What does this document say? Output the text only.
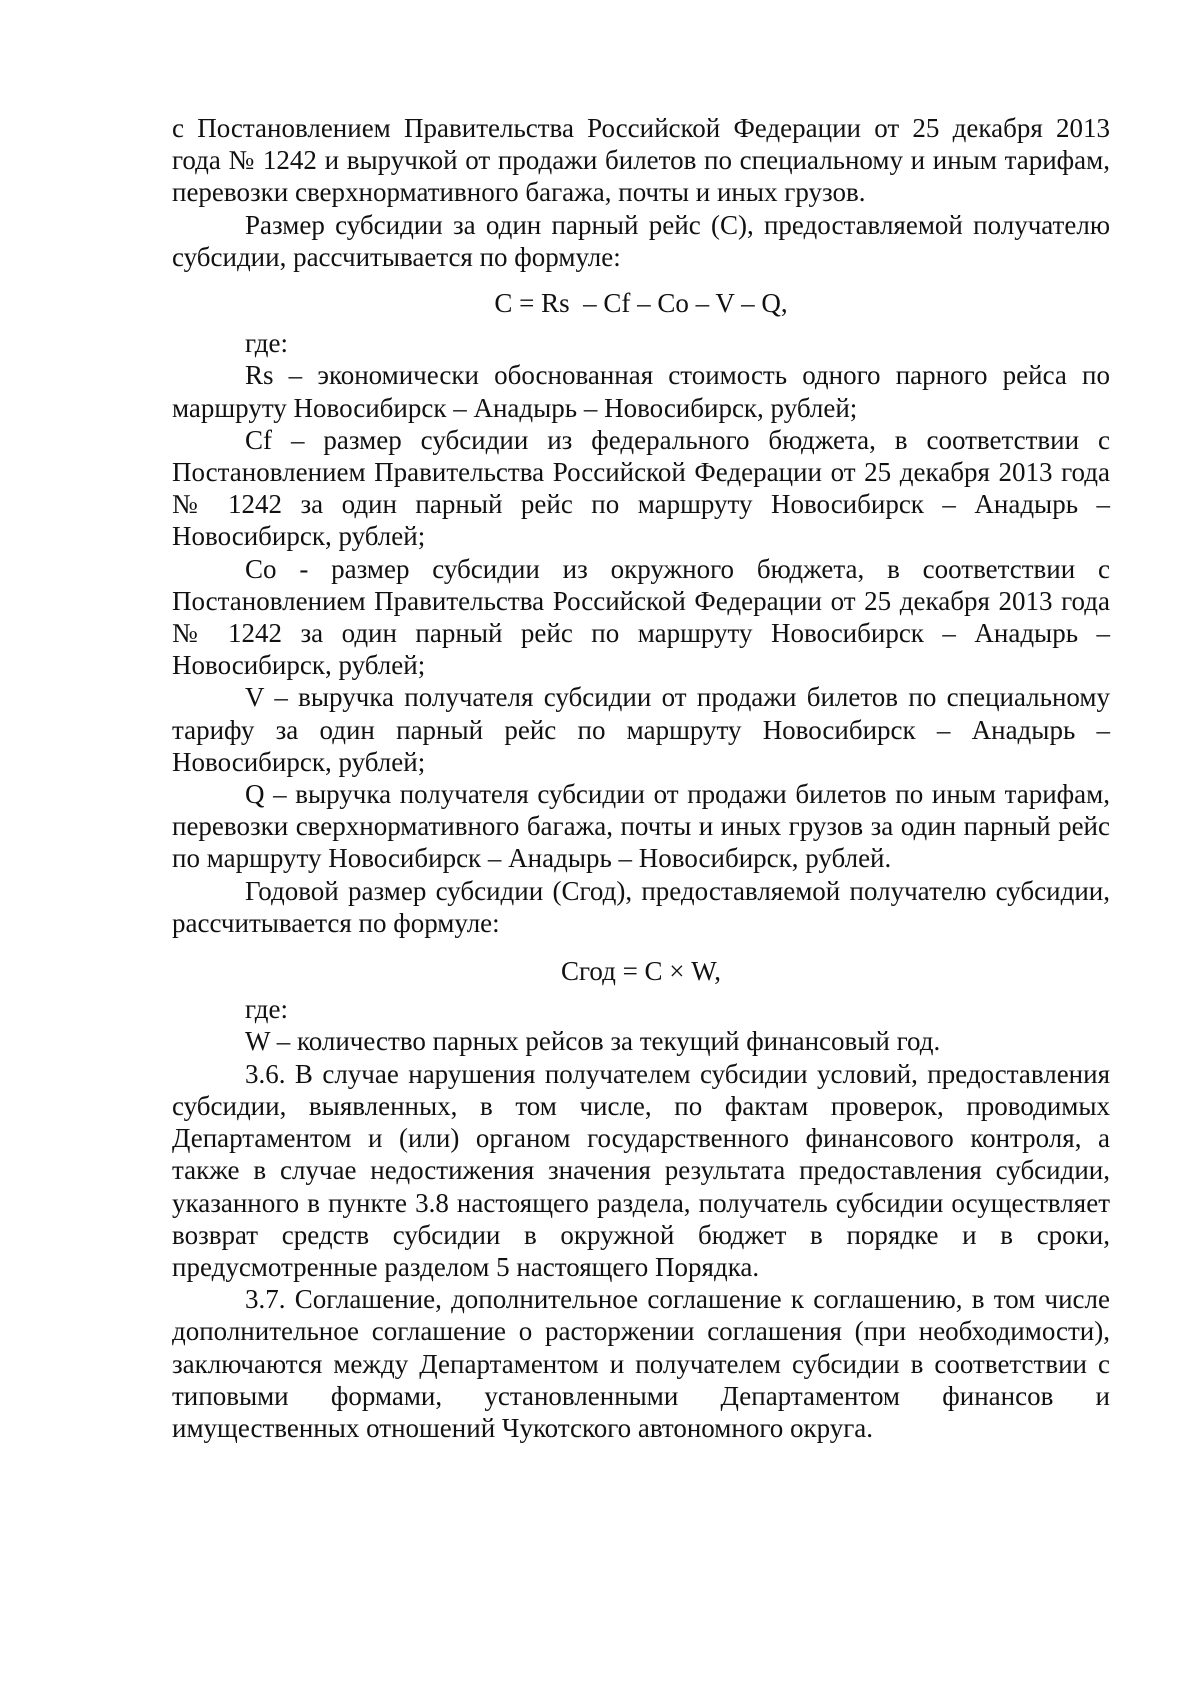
с Постановлением Правительства Российской Федерации от 25 декабря 2013 года № 1242 и выручкой от продажи билетов по специальному и иным тарифам, перевозки сверхнормативного багажа, почты и иных грузов.

Размер субсидии за один парный рейс (С), предоставляемой получателю субсидии, рассчитывается по формуле:

С = Rs  – Cf – Co – V – Q,

где:

Rs – экономически обоснованная стоимость одного парного рейса по маршруту Новосибирск – Анадырь – Новосибирск, рублей;

Cf – размер субсидии из федерального бюджета, в соответствии с Постановлением Правительства Российской Федерации от 25 декабря 2013 года № 1242 за один парный рейс по маршруту Новосибирск – Анадырь – Новосибирск, рублей;

Co - размер субсидии из окружного бюджета, в соответствии с Постановлением Правительства Российской Федерации от 25 декабря 2013 года № 1242 за один парный рейс по маршруту Новосибирск – Анадырь – Новосибирск, рублей;

V – выручка получателя субсидии от продажи билетов по специальному тарифу за один парный рейс по маршруту Новосибирск – Анадырь – Новосибирск, рублей;

Q – выручка получателя субсидии от продажи билетов по иным тарифам, перевозки сверхнормативного багажа, почты и иных грузов за один парный рейс по маршруту Новосибирск – Анадырь – Новосибирск, рублей.

Годовой размер субсидии (Сгод), предоставляемой получателю субсидии, рассчитывается по формуле:

Сгод = С × W,

где:

W – количество парных рейсов за текущий финансовый год.

3.6. В случае нарушения получателем субсидии условий, предоставления субсидии, выявленных, в том числе, по фактам проверок, проводимых Департаментом и (или) органом государственного финансового контроля, а также в случае недостижения значения результата предоставления субсидии, указанного в пункте 3.8 настоящего раздела, получатель субсидии осуществляет возврат средств субсидии в окружной бюджет в порядке и в сроки, предусмотренные разделом 5 настоящего Порядка.

3.7. Соглашение, дополнительное соглашение к соглашению, в том числе дополнительное соглашение о расторжении соглашения (при необходимости), заключаются между Департаментом и получателем субсидии в соответствии с типовыми формами, установленными Департаментом финансов и имущественных отношений Чукотского автономного округа.
